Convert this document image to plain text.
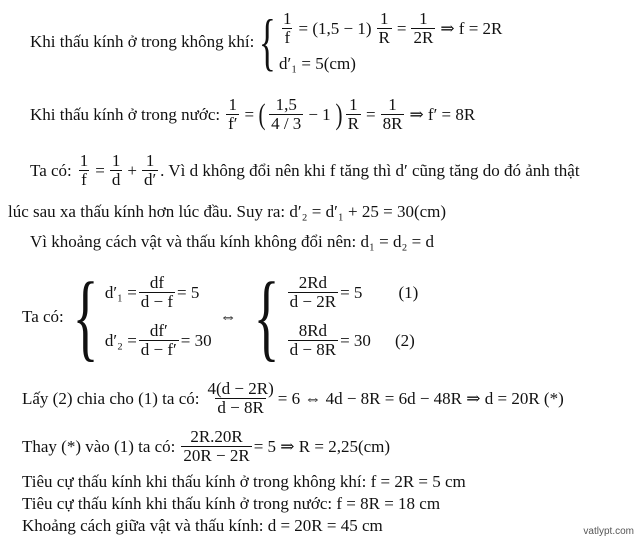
Khi thấu kính ở trong không khí: { $\frac{1}{f} = (1,5 - 1) \frac{1}{R} = \frac{1}{2R}$ ⇒ f = 2R
d′₁ = 5(cm)
Khi thấu kính ở trong nước: $\frac{1}{f'}$ = ( $\frac{1,5}{4 / 3} - 1$ ) $\frac{1}{R} = \frac{1}{8R}$ ⇒ f′ = 8R
Ta có: $\frac{1}{f} = \frac{1}{d} + \frac{1}{d'}$ . Vì d không đổi nên khi f tăng thì d′ cũng tăng do đó ảnh thật
lúc sau xa thấu kính hơn lúc đầu. Suy ra: d′₂ = d′₁ + 25 = 30(cm)
Vì khoảng cách vật và thấu kính không đổi nên: d₁ = d₂ = d
Ta có: { $d'_1 = \frac{df}{d - f} = 5$
$d'_2 = \frac{df'}{d - f'} = 30$
⇔ { $\frac{2Rd}{d - 2R} = 5$ (1)
$\frac{8Rd}{d - 8R} = 30$ (2)
Lấy (2) chia cho (1) ta có: $\frac{4(d - 2R)}{d - 8R} = 6$ ⇔ 4d − 8R = 6d − 48R ⇒ d = 20R (*)
Thay (*) vào (1) ta có: $\frac{2R.20R}{20R - 2R} = 5$ ⇒ R = 2,25(cm)
Tiêu cự thấu kính khi thấu kính ở trong không khí: f = 2R = 5 cm
Tiêu cự thấu kính khi thấu kính ở trong nước: f = 8R = 18 cm
Khoảng cách giữa vật và thấu kính: d = 20R = 45 cm	vatlypt.com
